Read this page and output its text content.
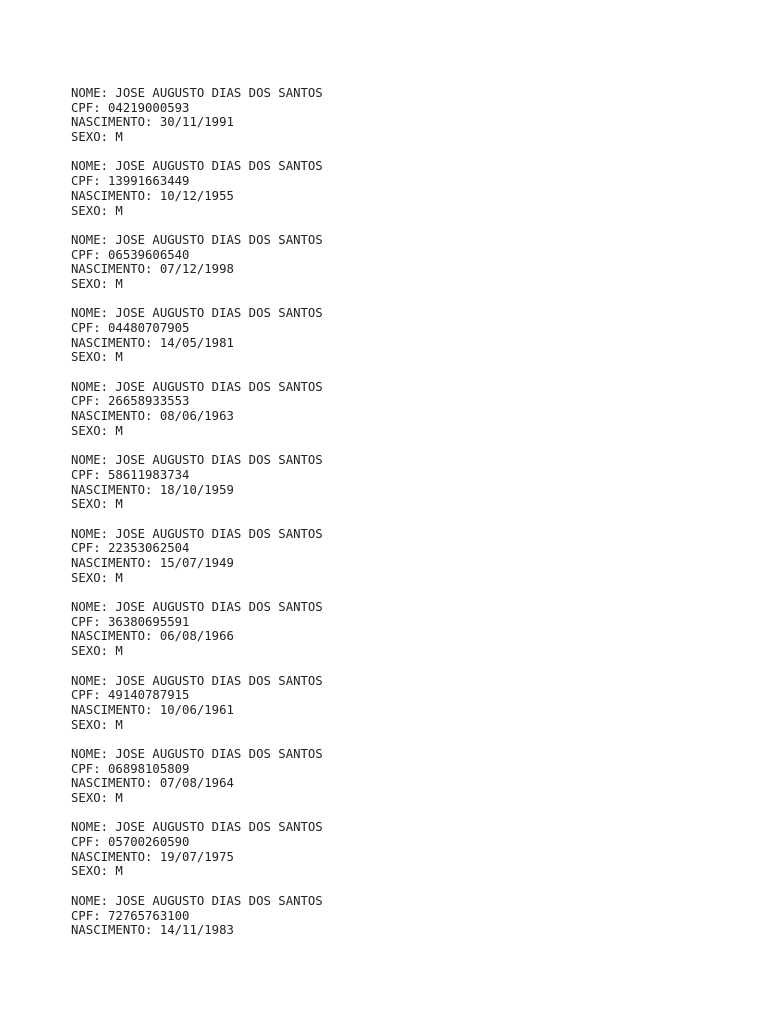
NOME: JOSE AUGUSTO DIAS DOS SANTOS
CPF: 04219000593
NASCIMENTO: 30/11/1991
SEXO: M
NOME: JOSE AUGUSTO DIAS DOS SANTOS
CPF: 13991663449
NASCIMENTO: 10/12/1955
SEXO: M
NOME: JOSE AUGUSTO DIAS DOS SANTOS
CPF: 06539606540
NASCIMENTO: 07/12/1998
SEXO: M
NOME: JOSE AUGUSTO DIAS DOS SANTOS
CPF: 04480707905
NASCIMENTO: 14/05/1981
SEXO: M
NOME: JOSE AUGUSTO DIAS DOS SANTOS
CPF: 26658933553
NASCIMENTO: 08/06/1963
SEXO: M
NOME: JOSE AUGUSTO DIAS DOS SANTOS
CPF: 58611983734
NASCIMENTO: 18/10/1959
SEXO: M
NOME: JOSE AUGUSTO DIAS DOS SANTOS
CPF: 22353062504
NASCIMENTO: 15/07/1949
SEXO: M
NOME: JOSE AUGUSTO DIAS DOS SANTOS
CPF: 36380695591
NASCIMENTO: 06/08/1966
SEXO: M
NOME: JOSE AUGUSTO DIAS DOS SANTOS
CPF: 49140787915
NASCIMENTO: 10/06/1961
SEXO: M
NOME: JOSE AUGUSTO DIAS DOS SANTOS
CPF: 06898105809
NASCIMENTO: 07/08/1964
SEXO: M
NOME: JOSE AUGUSTO DIAS DOS SANTOS
CPF: 05700260590
NASCIMENTO: 19/07/1975
SEXO: M
NOME: JOSE AUGUSTO DIAS DOS SANTOS
CPF: 72765763100
NASCIMENTO: 14/11/1983
